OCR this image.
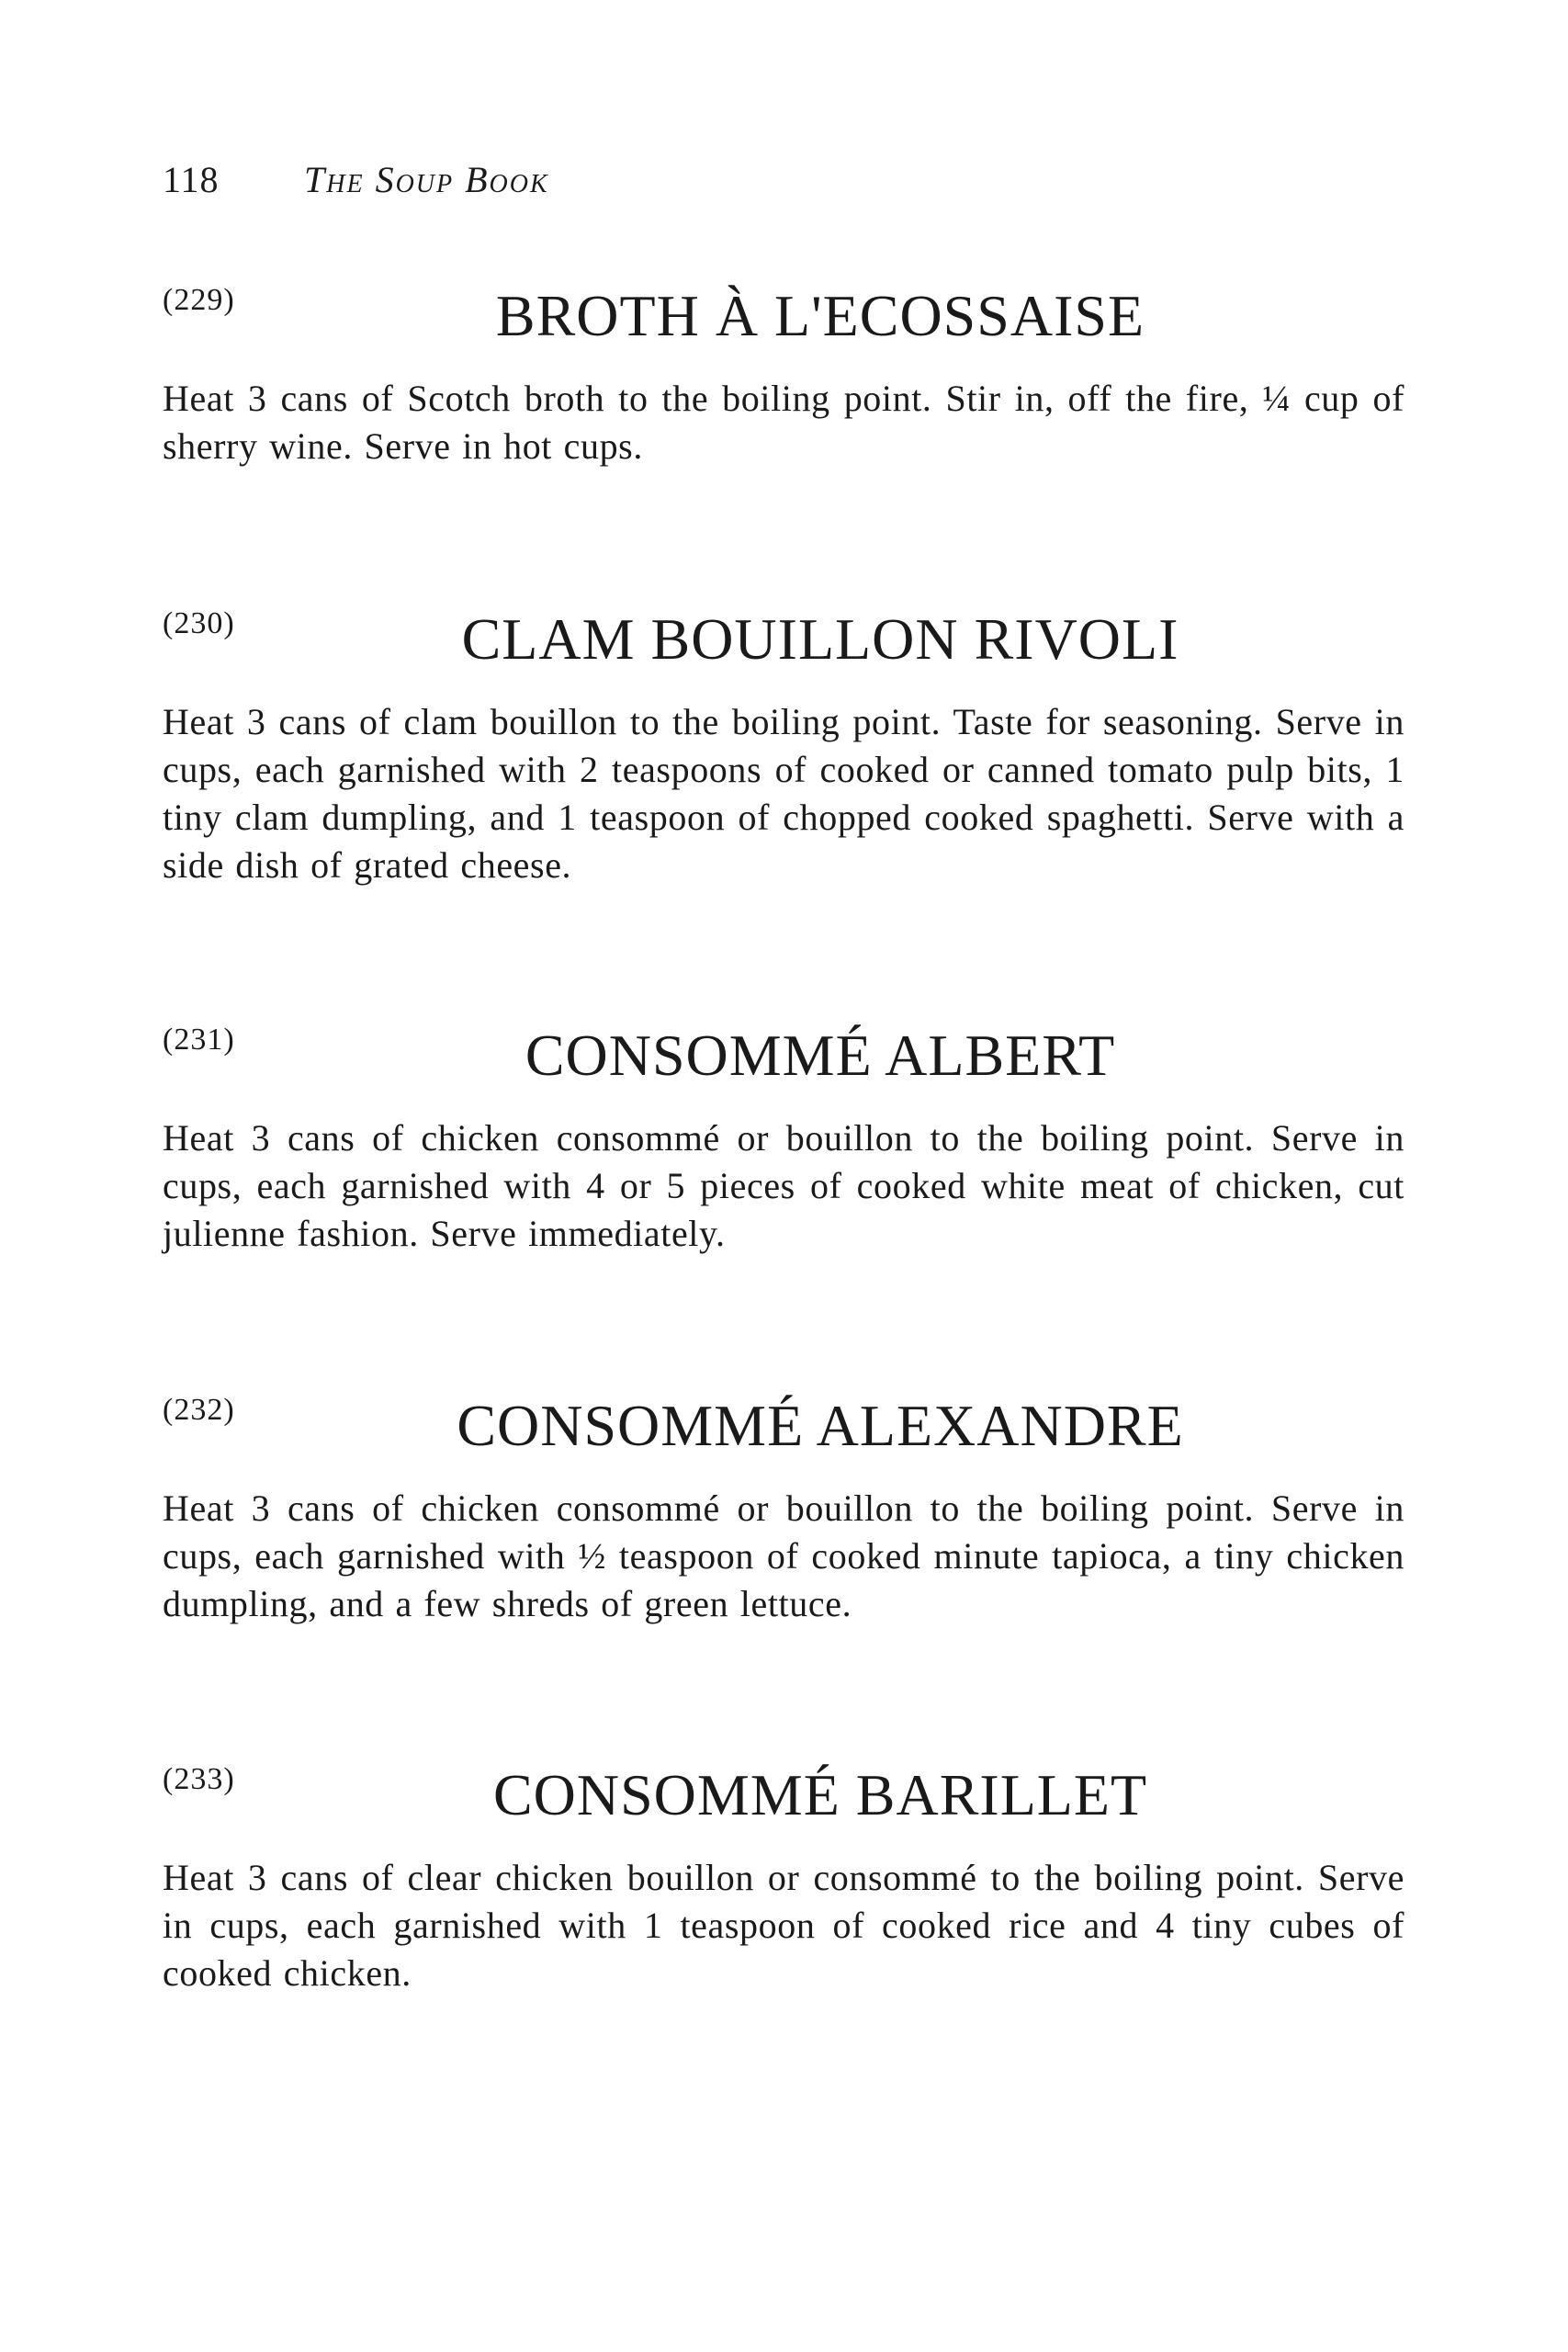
118 The Soup Book
(229)	BROTH À L'ECOSSAISE
Heat 3 cans of Scotch broth to the boiling point. Stir in, off the fire, ¼ cup of sherry wine. Serve in hot cups.
(230)	CLAM BOUILLON RIVOLI
Heat 3 cans of clam bouillon to the boiling point. Taste for seasoning. Serve in cups, each garnished with 2 teaspoons of cooked or canned tomato pulp bits, 1 tiny clam dumpling, and 1 teaspoon of chopped cooked spaghetti. Serve with a side dish of grated cheese.
(231)	CONSOMMÉ ALBERT
Heat 3 cans of chicken consommé or bouillon to the boiling point. Serve in cups, each garnished with 4 or 5 pieces of cooked white meat of chicken, cut julienne fashion. Serve immediately.
(232)	CONSOMMÉ ALEXANDRE
Heat 3 cans of chicken consommé or bouillon to the boiling point. Serve in cups, each garnished with ½ teaspoon of cooked minute tapioca, a tiny chicken dumpling, and a few shreds of green lettuce.
(233)	CONSOMMÉ BARILLET
Heat 3 cans of clear chicken bouillon or consommé to the boiling point. Serve in cups, each garnished with 1 teaspoon of cooked rice and 4 tiny cubes of cooked chicken.
